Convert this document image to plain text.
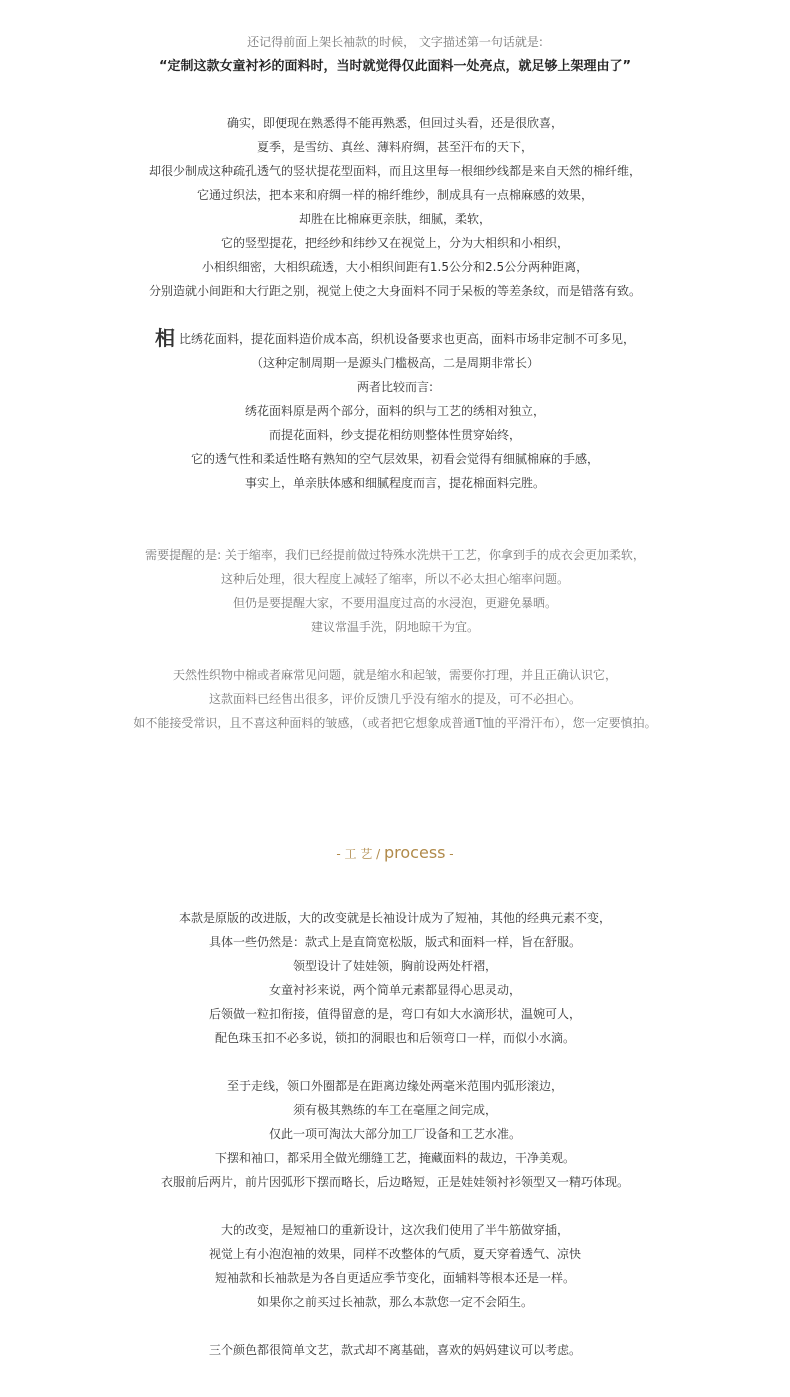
还记得前面上架长袖款的时候， 文字描述第一句话就是:
“定制这款女童衬衫的面料时，当时就觉得仅此面料一处亮点，就足够上架理由了”
确实，即便现在熟悉得不能再熟悉，但回过头看，还是很欣喜，
夏季，是雪纺、真丝、薄料府绸，甚至汗布的天下，
却很少制成这种疏孔透气的竖状提花型面料，而且这里每一根细纱线都是来自天然的棉纤维，
它通过织法，把本来和府绸一样的棉纤维纱，制成具有一点棉麻感的效果，
却胜在比棉麻更亲肤，细腻，柔软，
它的竖型提花，把经纱和纬纱又在视觉上，分为大相织和小相织，
小相织细密，大相织疏透，大小相织间距有1.5公分和2.5公分两种距离，
分别造就小间距和大行距之别，视觉上使之大身面料不同于呆板的等差条纹，而是错落有致。
相比绣花面料，提花面料造价成本高，织机设备要求也更高，面料市场非定制不可多见，
（这种定制周期一是源头门槛极高，二是周期非常长）
两者比较而言:
绣花面料原是两个部分，面料的织与工艺的绣相对独立，
而提花面料，纱支提花相纺则整体性贯穿始终，
它的透气性和柔适性略有熟知的空气层效果，初看会觉得有细腻棉麻的手感，
事实上，单亲肤体感和细腻程度而言，提花棉面料完胜。
需要提醒的是: 关于缩率，我们已经提前做过特殊水洗烘干工艺，你拿到手的成衣会更加柔软，
这种后处理，很大程度上减轻了缩率，所以不必太担心缩率问题。
但仍是要提醒大家，不要用温度过高的水浸泡，更避免暴晒。
建议常温手洗，阴地晾干为宜。
天然性织物中棉或者麻常见问题，就是缩水和起皱，需要你打理，并且正确认识它，
这款面料已经售出很多，评价反馈几乎没有缩水的提及，可不必担心。
如不能接受常识，且不喜这种面料的皱感，（或者把它想象成普通T恤的平滑汗布），您一定要慎拍。
- 工 艺 / process -
本款是原版的改进版，大的改变就是长袖设计成为了短袖，其他的经典元素不变，
具体一些仍然是：款式上是直筒宽松版，版式和面料一样，旨在舒服。
领型设计了娃娃领，胸前设两处杆褶，
女童衬衫来说，两个简单元素都显得心思灵动，
后领做一粒扣衔接，值得留意的是，弯口有如大水滴形状，温婉可人，
配色珠玉扣不必多说，锁扣的洞眼也和后领弯口一样，而似小水滴。
至于走线，领口外圈都是在距离边缘处两毫米范围内弧形滚边，
须有极其熟练的车工在毫厘之间完成，
仅此一项可淘汰大部分加工厂设备和工艺水准。
下摆和袖口，都采用全做光绷缝工艺，掩藏面料的裁边，干净美观。
衣服前后两片，前片因弧形下摆而略长，后边略短，正是娃娃领衬衫领型又一精巧体现。
大的改变，是短袖口的重新设计，这次我们使用了半牛筋做穿插，
视觉上有小泡泡袖的效果，同样不改整体的气质，夏天穿着透气、凉快
短袖款和长袖款是为各自更适应季节变化，面辅料等根本还是一样。
如果你之前买过长袖款，那么本款您一定不会陌生。
三个颜色都很简单文艺，款式却不离基础，喜欢的妈妈建议可以考虑。
